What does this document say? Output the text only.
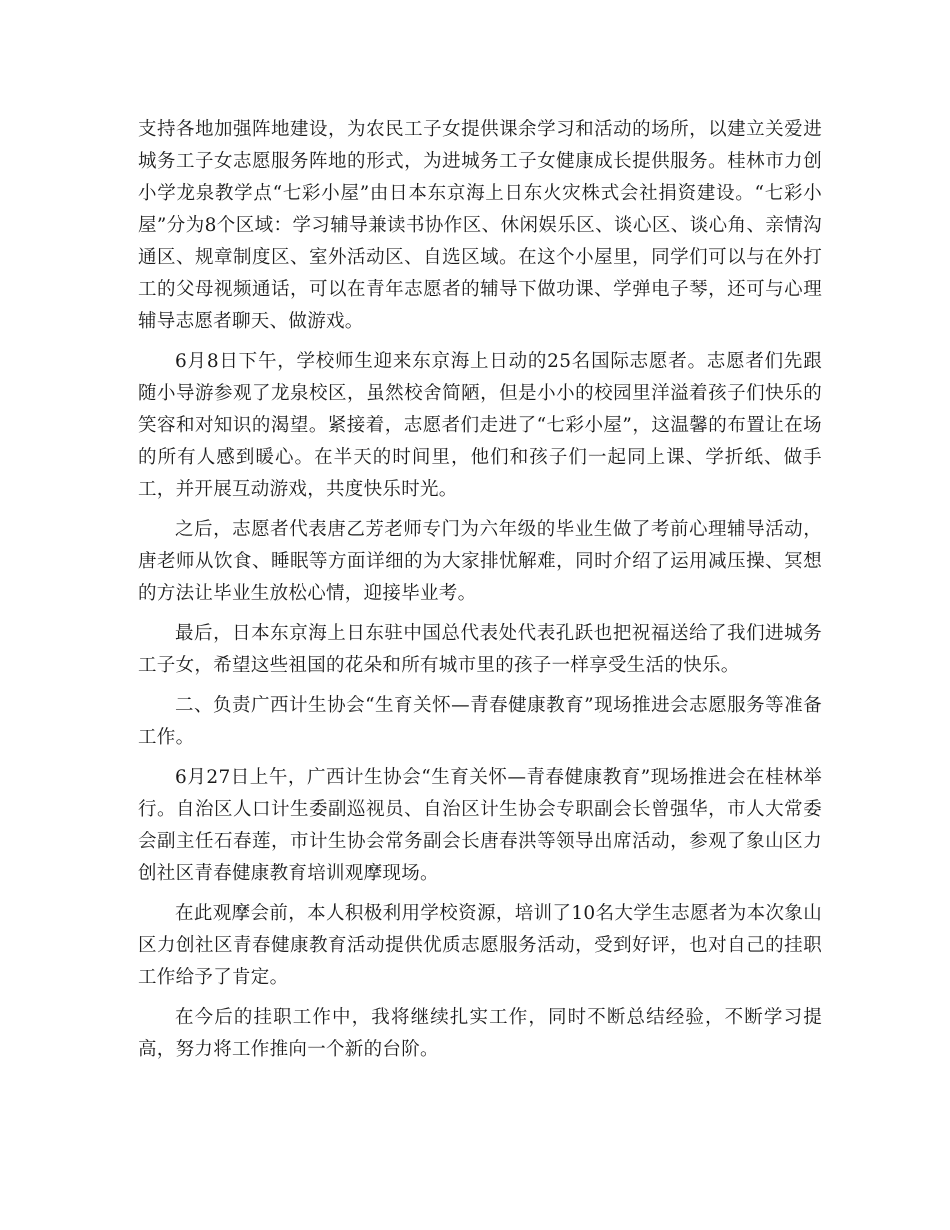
支持各地加强阵地建设，为农民工子女提供课余学习和活动的场所，以建立关爱进城务工子女志愿服务阵地的形式，为进城务工子女健康成长提供服务。桂林市力创小学龙泉教学点“七彩小屋”由日本东京海上日东火灾株式会社捐资建设。“七彩小屋”分为8个区域：学习辅导兼读书协作区、休闲娱乐区、谈心区、谈心角、亲情沟通区、规章制度区、室外活动区、自选区域。在这个小屋里，同学们可以与在外打工的父母视频通话，可以在青年志愿者的辅导下做功课、学弹电子琴，还可与心理辅导志愿者聊天、做游戏。

6月8日下午，学校师生迎来东京海上日动的25名国际志愿者。志愿者们先跟随小导游参观了龙泉校区，虽然校舍简陋，但是小小的校园里洋溢着孩子们快乐的笑容和对知识的渴望。紧接着，志愿者们走进了“七彩小屋”，这温馨的布置让在场的所有人感到暖心。在半天的时间里，他们和孩子们一起同上课、学折纸、做手工，并开展互动游戏，共度快乐时光。

之后，志愿者代表唐乙芳老师专门为六年级的毕业生做了考前心理辅导活动，唐老师从饮食、睡眠等方面详细的为大家排忧解难，同时介绍了运用减压操、冥想的方法让毕业生放松心情，迎接毕业考。

最后，日本东京海上日东驻中国总代表处代表孔跃也把祝福送给了我们进城务工子女，希望这些祖国的花朵和所有城市里的孩子一样享受生活的快乐。

二、负责广西计生协会“生育关怀—青春健康教育”现场推进会志愿服务等准备工作。

6月27日上午，广西计生协会“生育关怀—青春健康教育”现场推进会在桂林举行。自治区人口计生委副巡视员、自治区计生协会专职副会长曾强华，市人大常委会副主任石春莲，市计生协会常务副会长唐春洪等领导出席活动，参观了象山区力创社区青春健康教育培训观摩现场。

在此观摩会前，本人积极利用学校资源，培训了10名大学生志愿者为本次象山区力创社区青春健康教育活动提供优质志愿服务活动，受到好评，也对自己的挂职工作给予了肯定。

在今后的挂职工作中，我将继续扎实工作，同时不断总结经验，不断学习提高，努力将工作推向一个新的台阶。
